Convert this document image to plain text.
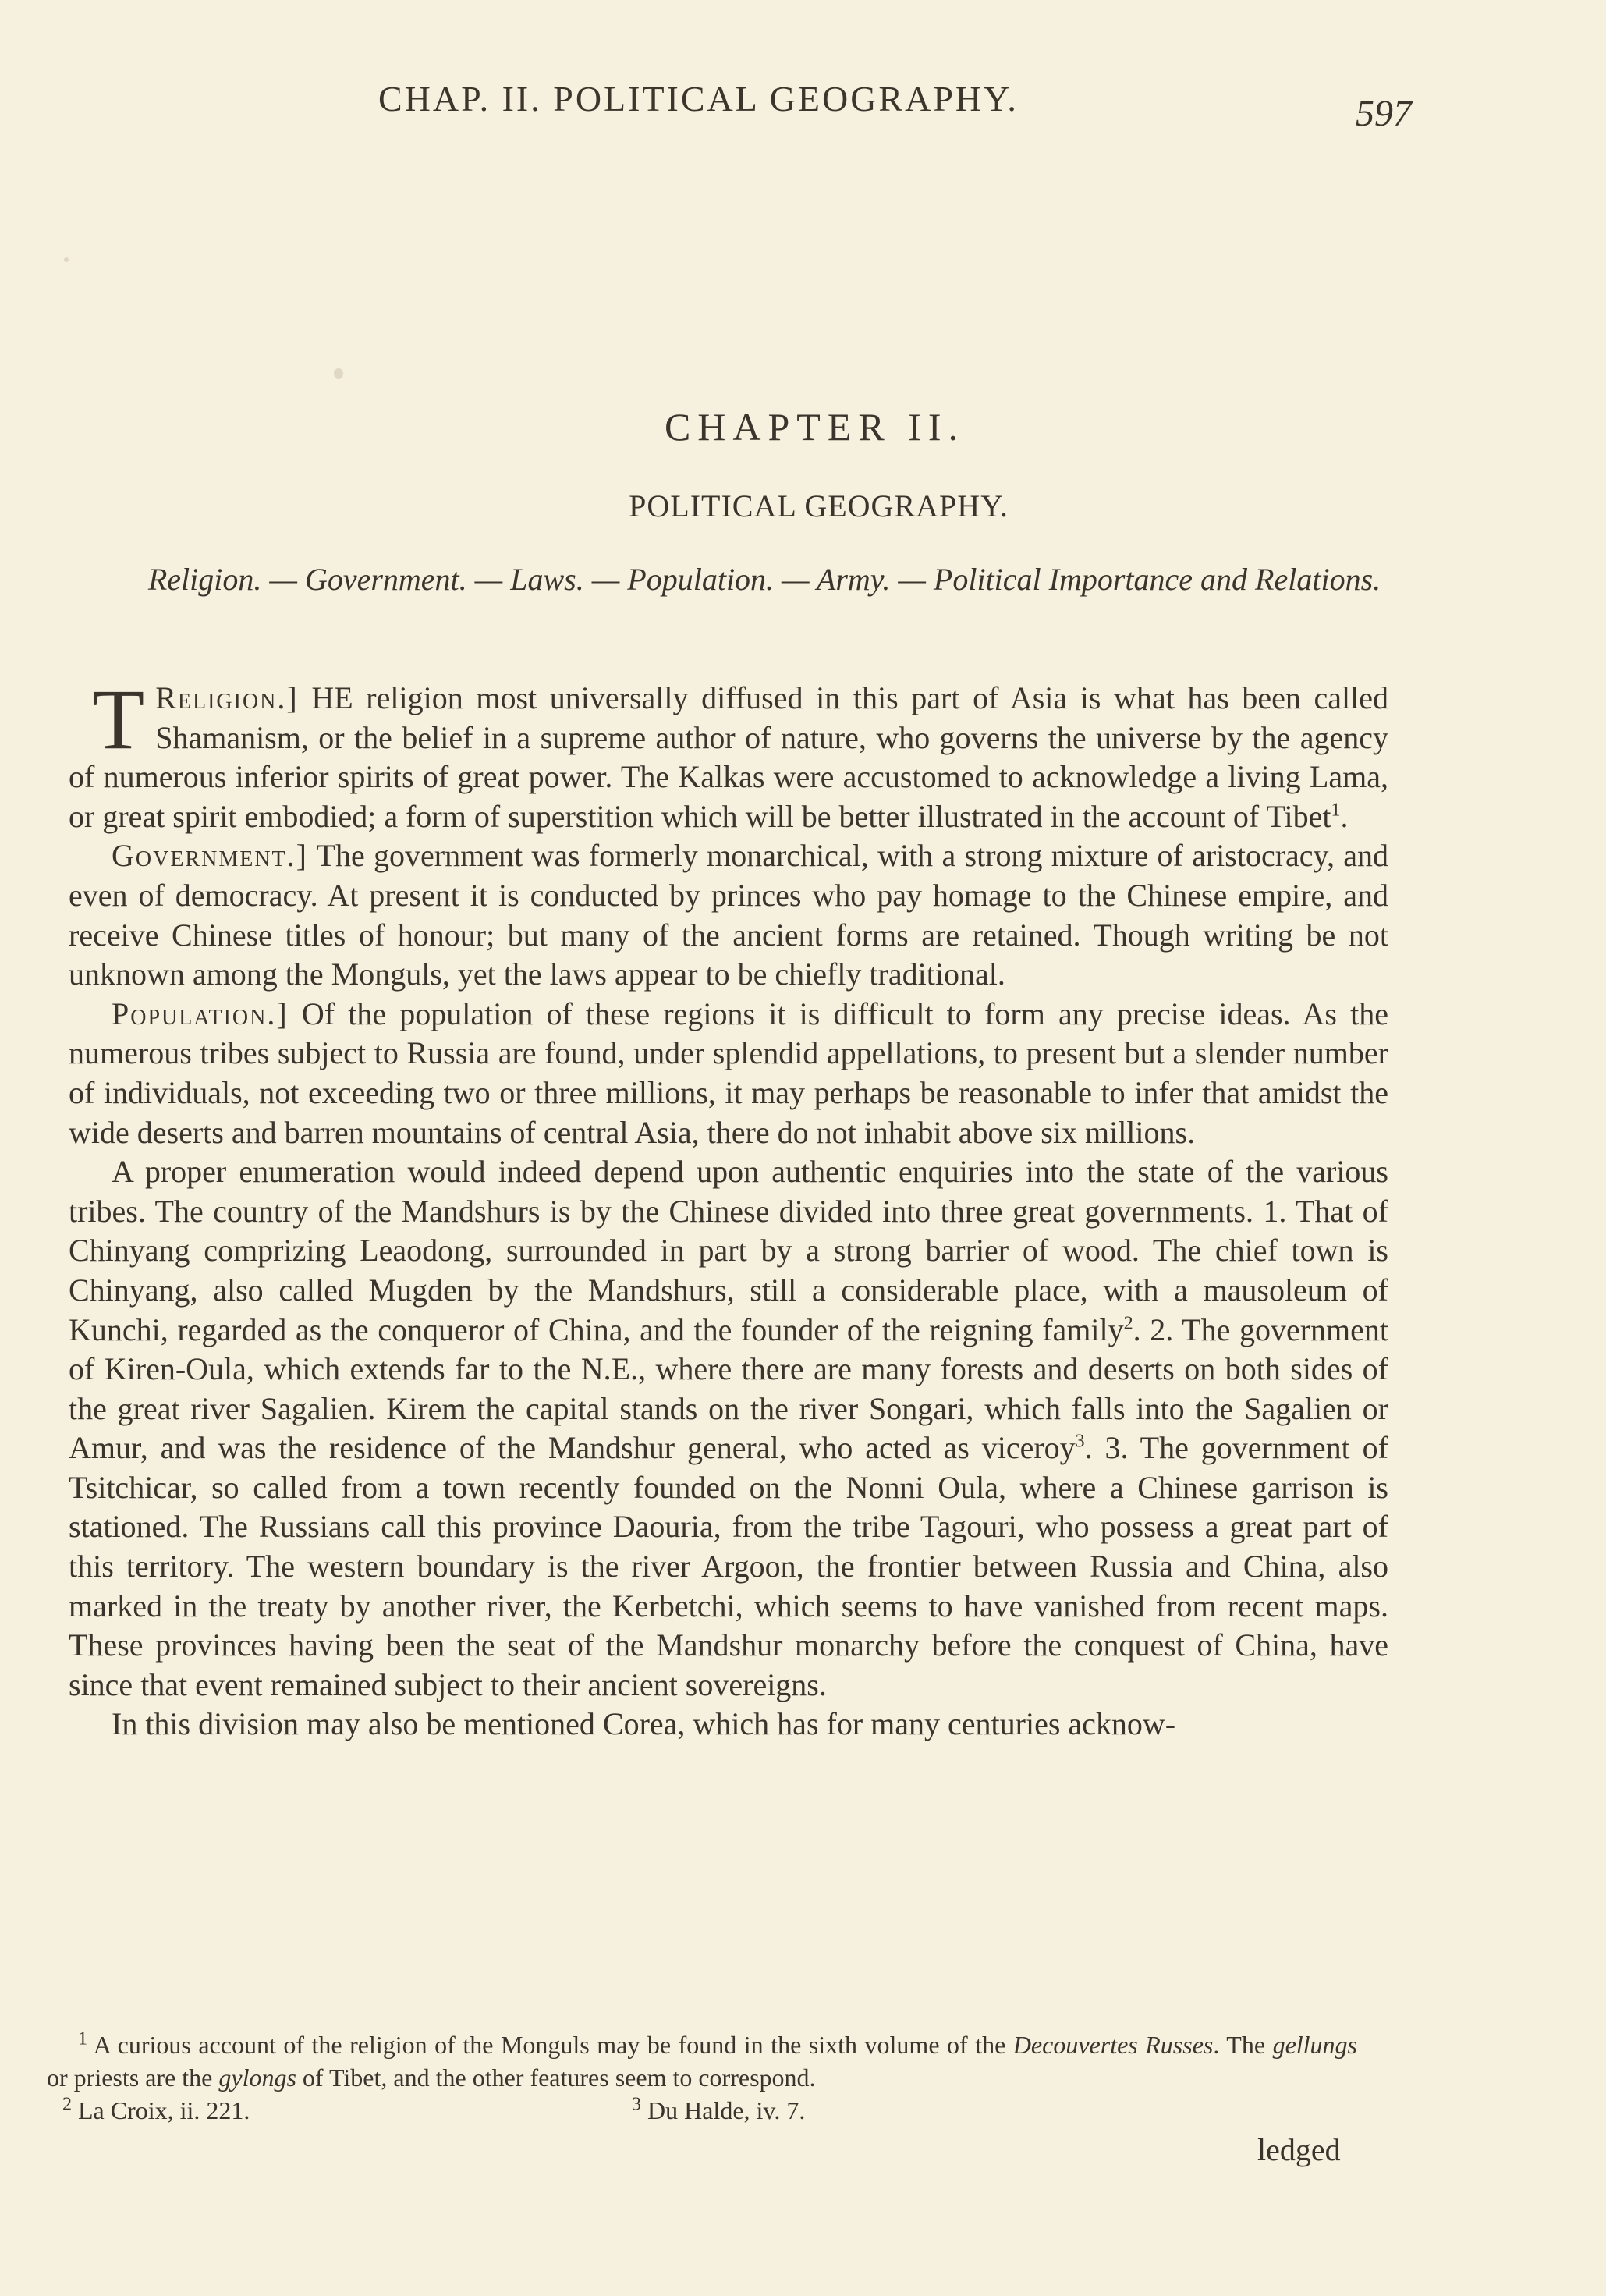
CHAP. II. POLITICAL GEOGRAPHY.	597
CHAPTER II.
POLITICAL GEOGRAPHY.
Religion. — Government. — Laws. — Population. — Army. — Political Importance and Relations.

Religion.]
T	HE religion most universally diffused in this part of Asia is what has been called Shamanism, or the belief in a supreme author of nature, who governs the universe by the agency of numerous inferior spirits of great power. The Kalkas were accustomed to acknowledge a living Lama, or great spirit embodied; a form of superstition which will be better illustrated in the account of Tibet$^1$.

Government.] The government was formerly monarchical, with a strong mixture of aristocracy, and even of democracy. At present it is conducted by princes who pay homage to the Chinese empire, and receive Chinese titles of honour; but many of the ancient forms are retained. Though writing be not unknown among the Monguls, yet the laws appear to be chiefly traditional.

Population.] Of the population of these regions it is difficult to form any precise ideas. As the numerous tribes subject to Russia are found, under splendid appellations, to present but a slender number of individuals, not exceeding two or three millions, it may perhaps be reasonable to infer that amidst the wide deserts and barren mountains of central Asia, there do not inhabit above six millions.

A proper enumeration would indeed depend upon authentic enquiries into the state of the various tribes. The country of the Mandshurs is by the Chinese divided into three great governments. 1. That of Chinyang comprizing Leaodong, surrounded in part by a strong barrier of wood. The chief town is Chinyang, also called Mugden by the Mandshurs, still a considerable place, with a mausoleum of Kunchi, regarded as the conqueror of China, and the founder of the reigning family$^2$. 2. The government of Kiren-Oula, which extends far to the N.E., where there are many forests and deserts on both sides of the great river Sagalien. Kirem the capital stands on the river Songari, which falls into the Sagalien or Amur, and was the residence of the Mandshur general, who acted as viceroy$^3$. 3. The government of Tsitchicar, so called from a town recently founded on the Nonni Oula, where a Chinese garrison is stationed. The Russians call this province Daouria, from the tribe Tagouri, who possess a great part of this territory. The western boundary is the river Argoon, the frontier between Russia and China, also marked in the treaty by another river, the Kerbetchi, which seems to have vanished from recent maps. These provinces having been the seat of the Mandshur monarchy before the conquest of China, have since that event remained subject to their ancient sovereigns.

In this division may also be mentioned Corea, which has for many centuries acknow-

$^1$ A curious account of the religion of the Monguls may be found in the sixth volume of the Decouvertes Russes. The gellungs or priests are the gylongs of Tibet, and the other features seem to correspond.

$^2$ La Croix, ii. 221.	$^3$ Du Halde, iv. 7.

ledged
